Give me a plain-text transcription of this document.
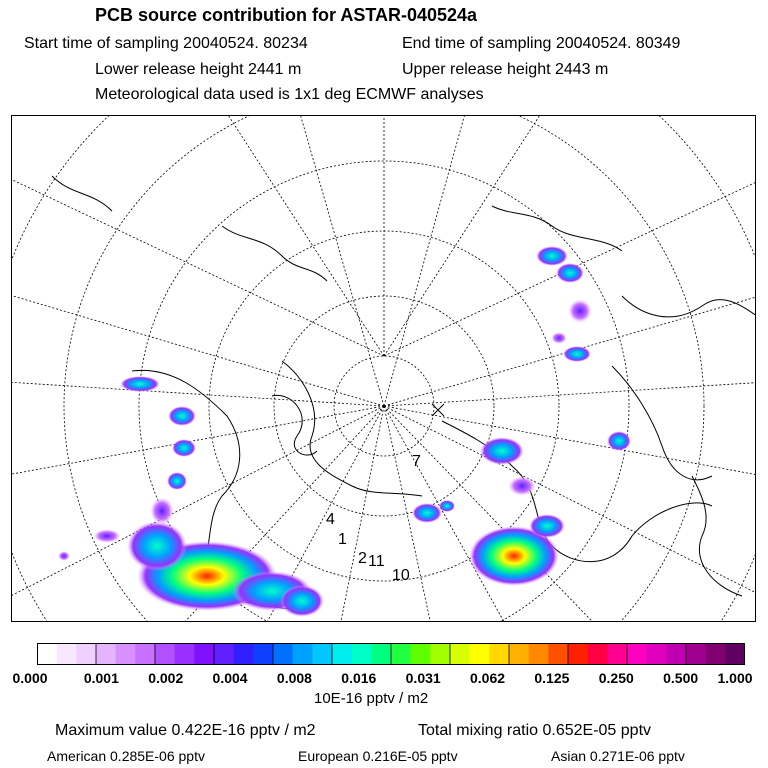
PCB source contribution for ASTAR-040524a
Start time of sampling 20040524. 80234	End time of sampling 20040524. 80349
Lower release height 2441 m	Upper release height 2443 m
Meteorological data used is 1x1 deg ECMWF analyses
7
4
1
2 11
10
0.000	0.001 0.002 0.004 0.008 0.016 0.031 0.062 0.125 0.250 0.500 1.000
10E-16 pptv / m2
Maximum value 0.422E-16 pptv / m2	Total mixing ratio 0.652E-05 pptv
American 0.285E-06 pptv	European 0.216E-05 pptv	Asian 0.271E-06 pptv
